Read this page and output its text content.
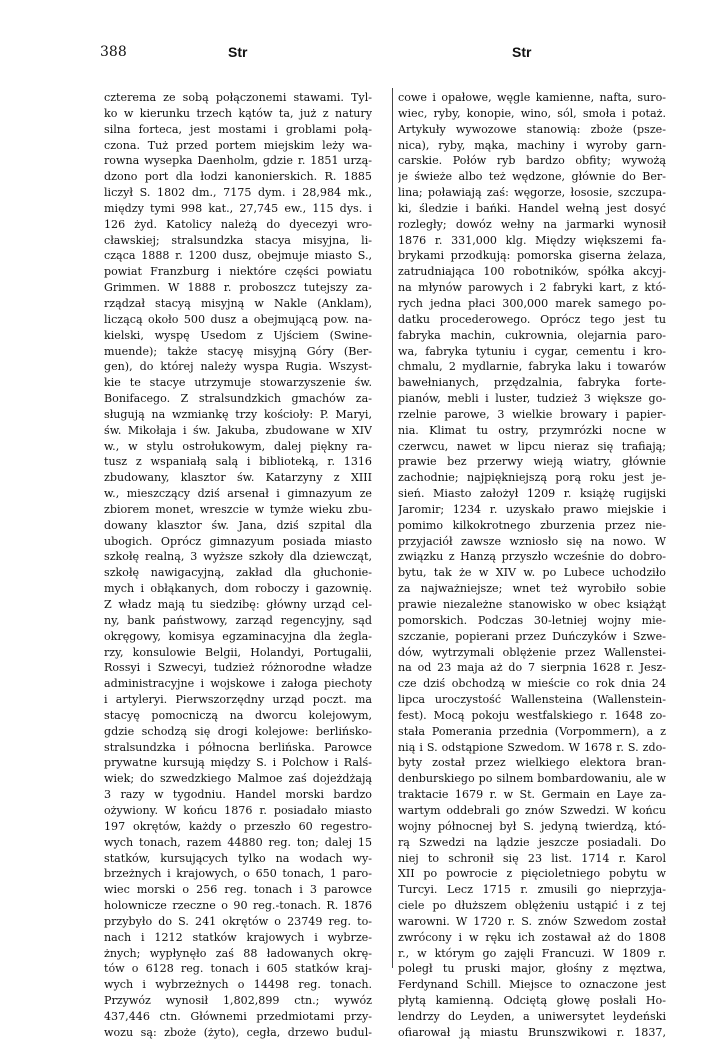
388	Str	Str
czterema ze sobą połączonemi stawami. Tyl-
ko w kierunku trzech kątów ta, już z natury
silna forteca, jest mostami i groblami połą-
czona. Tuż przed portem miejskim leży wa-
rowna wysepka Daenholm, gdzie r. 1851 urzą-
dzono port dla łodzi kanonierskich. R. 1885
liczył S. 1802 dm., 7175 dym. i 28,984 mk.,
między tymi 998 kat., 27,745 ew., 115 dys. i
126 żyd. Katolicy należą do dyecezyi wro-
cławskiej; stralsundzka stacya misyjna, li-
cząca 1888 r. 1200 dusz, obejmuje miasto S.,
powiat Franzburg i niektóre części powiatu
Grimmen. W 1888 r. proboszcz tutejszy za-
rządzał stacyą misyjną w Nakle (Anklam),
liczącą około 500 dusz a obejmującą pow. na-
kielski, wyspę Usedom z Ujściem (Swine-
muende); także stacyę misyjną Góry (Ber-
gen), do której należy wyspa Rugia. Wszyst-
kie te stacye utrzymuje stowarzyszenie św.
Bonifacego. Z stralsundzkich gmachów za-
sługują na wzmiankę trzy kościoły: P. Maryi,
św. Mikołaja i św. Jakuba, zbudowane w XIV
w., w stylu ostrołukowym, dalej piękny ra-
tusz z wspaniałą salą i biblioteką, r. 1316
zbudowany, klasztor św. Katarzyny z XIII
w., mieszczący dziś arsenał i gimnazyum ze
zbiorem monet, wreszcie w tymże wieku zbu-
dowany klasztor św. Jana, dziś szpital dla
ubogich. Oprócz gimnazyum posiada miasto
szkołę realną, 3 wyższe szkoły dla dziewcząt,
szkołę nawigacyjną, zakład dla głuchonie-
mych i obłąkanych, dom roboczy i gazownię.
Z władz mają tu siedzibę: główny urząd cel-
ny, bank państwowy, zarząd regencyjny, sąd
okręgowy, komisya egzaminacyjna dla żegla-
rzy, konsulowie Belgii, Holandyi, Portugalii,
Rossyi i Szwecyi, tudzież różnorodne władze
administracyjne i wojskowe i załoga piechoty
i artyleryi. Pierwszorzędny urząd poczt. ma
stacyę pomocniczą na dworcu kolejowym,
gdzie schodzą się drogi kolejowe: berlińsko-
stralsundzka i północna berlińska. Parowce
prywatne kursują między S. i Polchow i Ralś-
wiek; do szwedzkiego Malmoe zaś dojeżdżają
3 razy w tygodniu. Handel morski bardzo
ożywiony. W końcu 1876 r. posiadało miasto
197 okrętów, każdy o przeszło 60 regestro-
wych tonach, razem 44880 reg. ton; dalej 15
statków, kursujących tylko na wodach wy-
brzeżnych i krajowych, o 650 tonach, 1 paro-
wiec morski o 256 reg. tonach i 3 parowce
holownicze rzeczne o 90 reg.-tonach. R. 1876
przybyło do S. 241 okrętów o 23749 reg. to-
nach i 1212 statków krajowych i wybrze-
żnych; wypłynęło zaś 88 ładowanych okrę-
tów o 6128 reg. tonach i 605 statków kraj-
wych i wybrzeżnych o 14498 reg. tonach.
Przywóz wynosił 1,802,899 ctn.; wywóz
437,446 ctn. Głównemi przedmiotami przy-
wozu są: zboże (żyto), cegła, drzewo budul-
cowe i opałowe, węgle kamienne, nafta, suro-
wiec, ryby, konopie, wino, sól, smoła i potaż.
Artykuły wywozowe stanowią: zboże (psze-
nica), ryby, mąka, machiny i wyroby garn-
carskie. Połów ryb bardzo obfity; wywożą
je świeże albo też wędzone, głównie do Ber-
lina; poławiają zaś: węgorze, łososie, szczupa-
ki, śledzie i bańki. Handel wełną jest dosyć
rozległy; dowóz wełny na jarmarki wynosił
1876 r. 331,000 klg. Między większemi fa-
brykami przodkują: pomorska giserna żelaza,
zatrudniająca 100 robotników, spółka akcyj-
na młynów parowych i 2 fabryki kart, z któ-
rych jedna płaci 300,000 marek samego po-
datku procederowego. Oprócz tego jest tu
fabryka machin, cukrownia, olejarnia paro-
wa, fabryka tytuniu i cygar, cementu i kro-
chmalu, 2 mydlarnie, fabryka laku i towarów
bawełnianych, przędzalnia, fabryka forte-
pianów, mebli i luster, tudzież 3 większe go-
rzelnie parowe, 3 wielkie browary i papier-
nia. Klimat tu ostry, przymrózki nocne w
czerwcu, nawet w lipcu nieraz się trafiają;
prawie bez przerwy wieją wiatry, głównie
zachodnie; najpiękniejszą porą roku jest je-
sień. Miasto założył 1209 r. książę rugijski
Jaromir; 1234 r. uzyskało prawo miejskie i
pomimo kilkokrotnego zburzenia przez nie-
przyjaciół zawsze wzniosło się na nowo. W
związku z Hanzą przyszło wcześnie do dobro-
bytu, tak że w XIV w. po Lubece uchodziło
za najważniejsze; wnet też wyrobiło sobie
prawie niezależne stanowisko w obec książąt
pomorskich. Podczas 30-letniej wojny mie-
szczanie, popierani przez Duńczyków i Szwe-
dów, wytrzymali oblężenie przez Wallenstei-
na od 23 maja aż do 7 sierpnia 1628 r. Jesz-
cze dziś obchodzą w mieście co rok dnia 24
lipca uroczystość Wallensteina (Wallenstein-
fest). Mocą pokoju westfalskiego r. 1648 zo-
stała Pomerania przednia (Vorpommern), a z
nią i S. odstąpione Szwedom. W 1678 r. S. zdo-
byty został przez wielkiego elektora bran-
denburskiego po silnem bombardowaniu, ale w
traktacie 1679 r. w St. Germain en Laye za-
wartym oddebrali go znów Szwedzi. W końcu
wojny północnej był S. jedyną twierdzą, któ-
rą Szwedzi na lądzie jeszcze posiadali. Do
niej to schronił się 23 list. 1714 r. Karol
XII po powrocie z pięcioletniego pobytu w
Turcyi. Lecz 1715 r. zmusili go nieprzyja-
ciele po dłuższem oblężeniu ustąpić i z tej
warowni. W 1720 r. S. znów Szwedom został
zwrócony i w ręku ich zostawał aż do 1808
r., w którym go zajęli Francuzi. W 1809 r.
poległ tu pruski major, głośny z męztwa,
Ferdynand Schill. Miejsce to oznaczone jest
płytą kamienną. Odciętą głowę posłali Ho-
lendrzy do Leyden, a uniwersytet leydeński
ofiarował ją miastu Brunszwikowi r. 1837,
